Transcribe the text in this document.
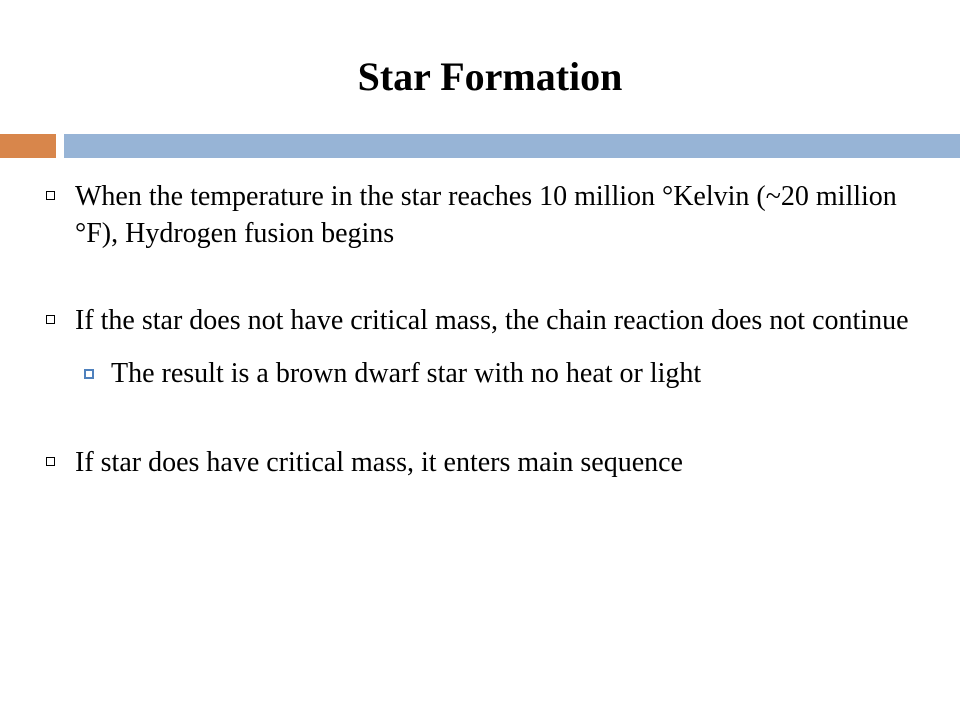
Star Formation
When the temperature in the star reaches 10 million °Kelvin (~20 million °F), Hydrogen fusion begins
If the star does not have critical mass, the chain reaction does not continue
The result is a brown dwarf star with no heat or light
If star does have critical mass, it enters main sequence
